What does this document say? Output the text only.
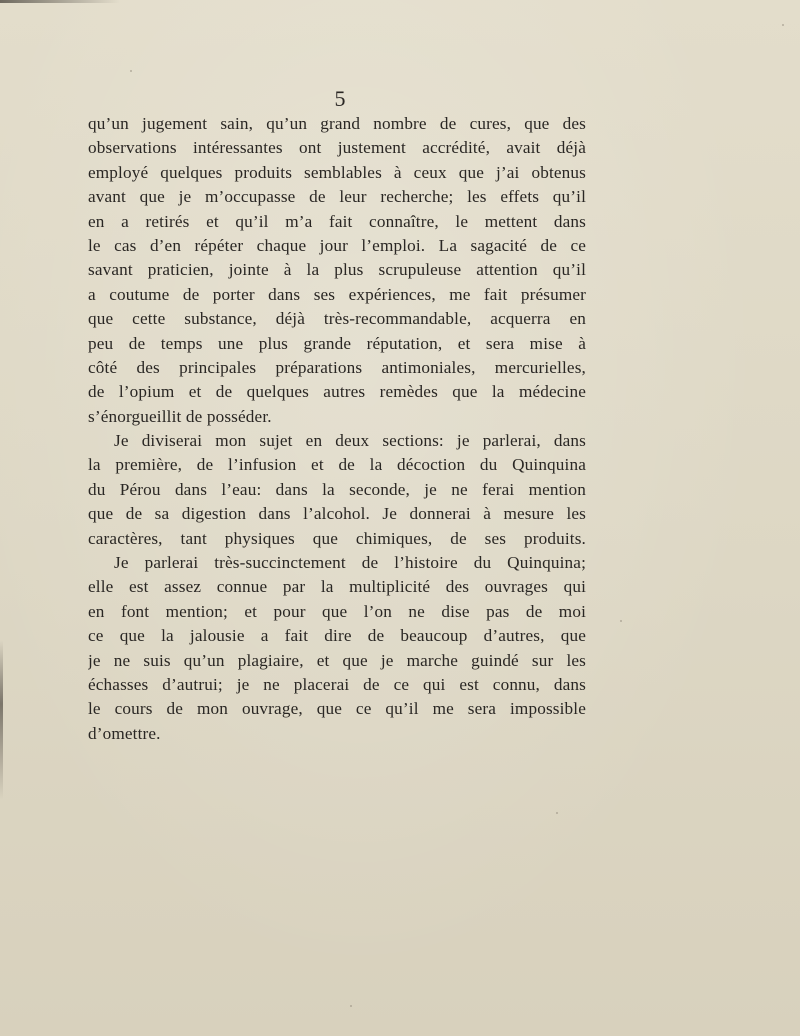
5
qu’un jugement sain, qu’un grand nombre de cures, que des
observations intéressantes ont justement accrédité, avait déjà
employé quelques produits semblables à ceux que j’ai obtenus
avant que je m’occupasse de leur recherche; les effets qu’il
en a retirés et qu’il m’a fait connaître, le mettent dans
le cas d’en répéter chaque jour l’emploi. La sagacité de ce
savant praticien, jointe à la plus scrupuleuse attention qu’il
a coutume de porter dans ses expériences, me fait présumer
que cette substance, déjà très-recommandable, acquerra en
peu de temps une plus grande réputation, et sera mise à
côté des principales préparations antimoniales, mercurielles,
de l’opium et de quelques autres remèdes que la médecine
s’énorgueillit de posséder.
Je diviserai mon sujet en deux sections: je parlerai, dans
la première, de l’infusion et de la décoction du Quinquina
du Pérou dans l’eau: dans la seconde, je ne ferai mention
que de sa digestion dans l’alcohol. Je donnerai à mesure les
caractères, tant physiques que chimiques, de ses produits.
Je parlerai très-succinctement de l’histoire du Quinquina;
elle est assez connue par la multiplicité des ouvrages qui
en font mention; et pour que l’on ne dise pas de moi
ce que la jalousie a fait dire de beaucoup d’autres, que
je ne suis qu’un plagiaire, et que je marche guindé sur les
échasses d’autrui; je ne placerai de ce qui est connu, dans
le cours de mon ouvrage, que ce qu’il me sera impossible
d’omettre.
